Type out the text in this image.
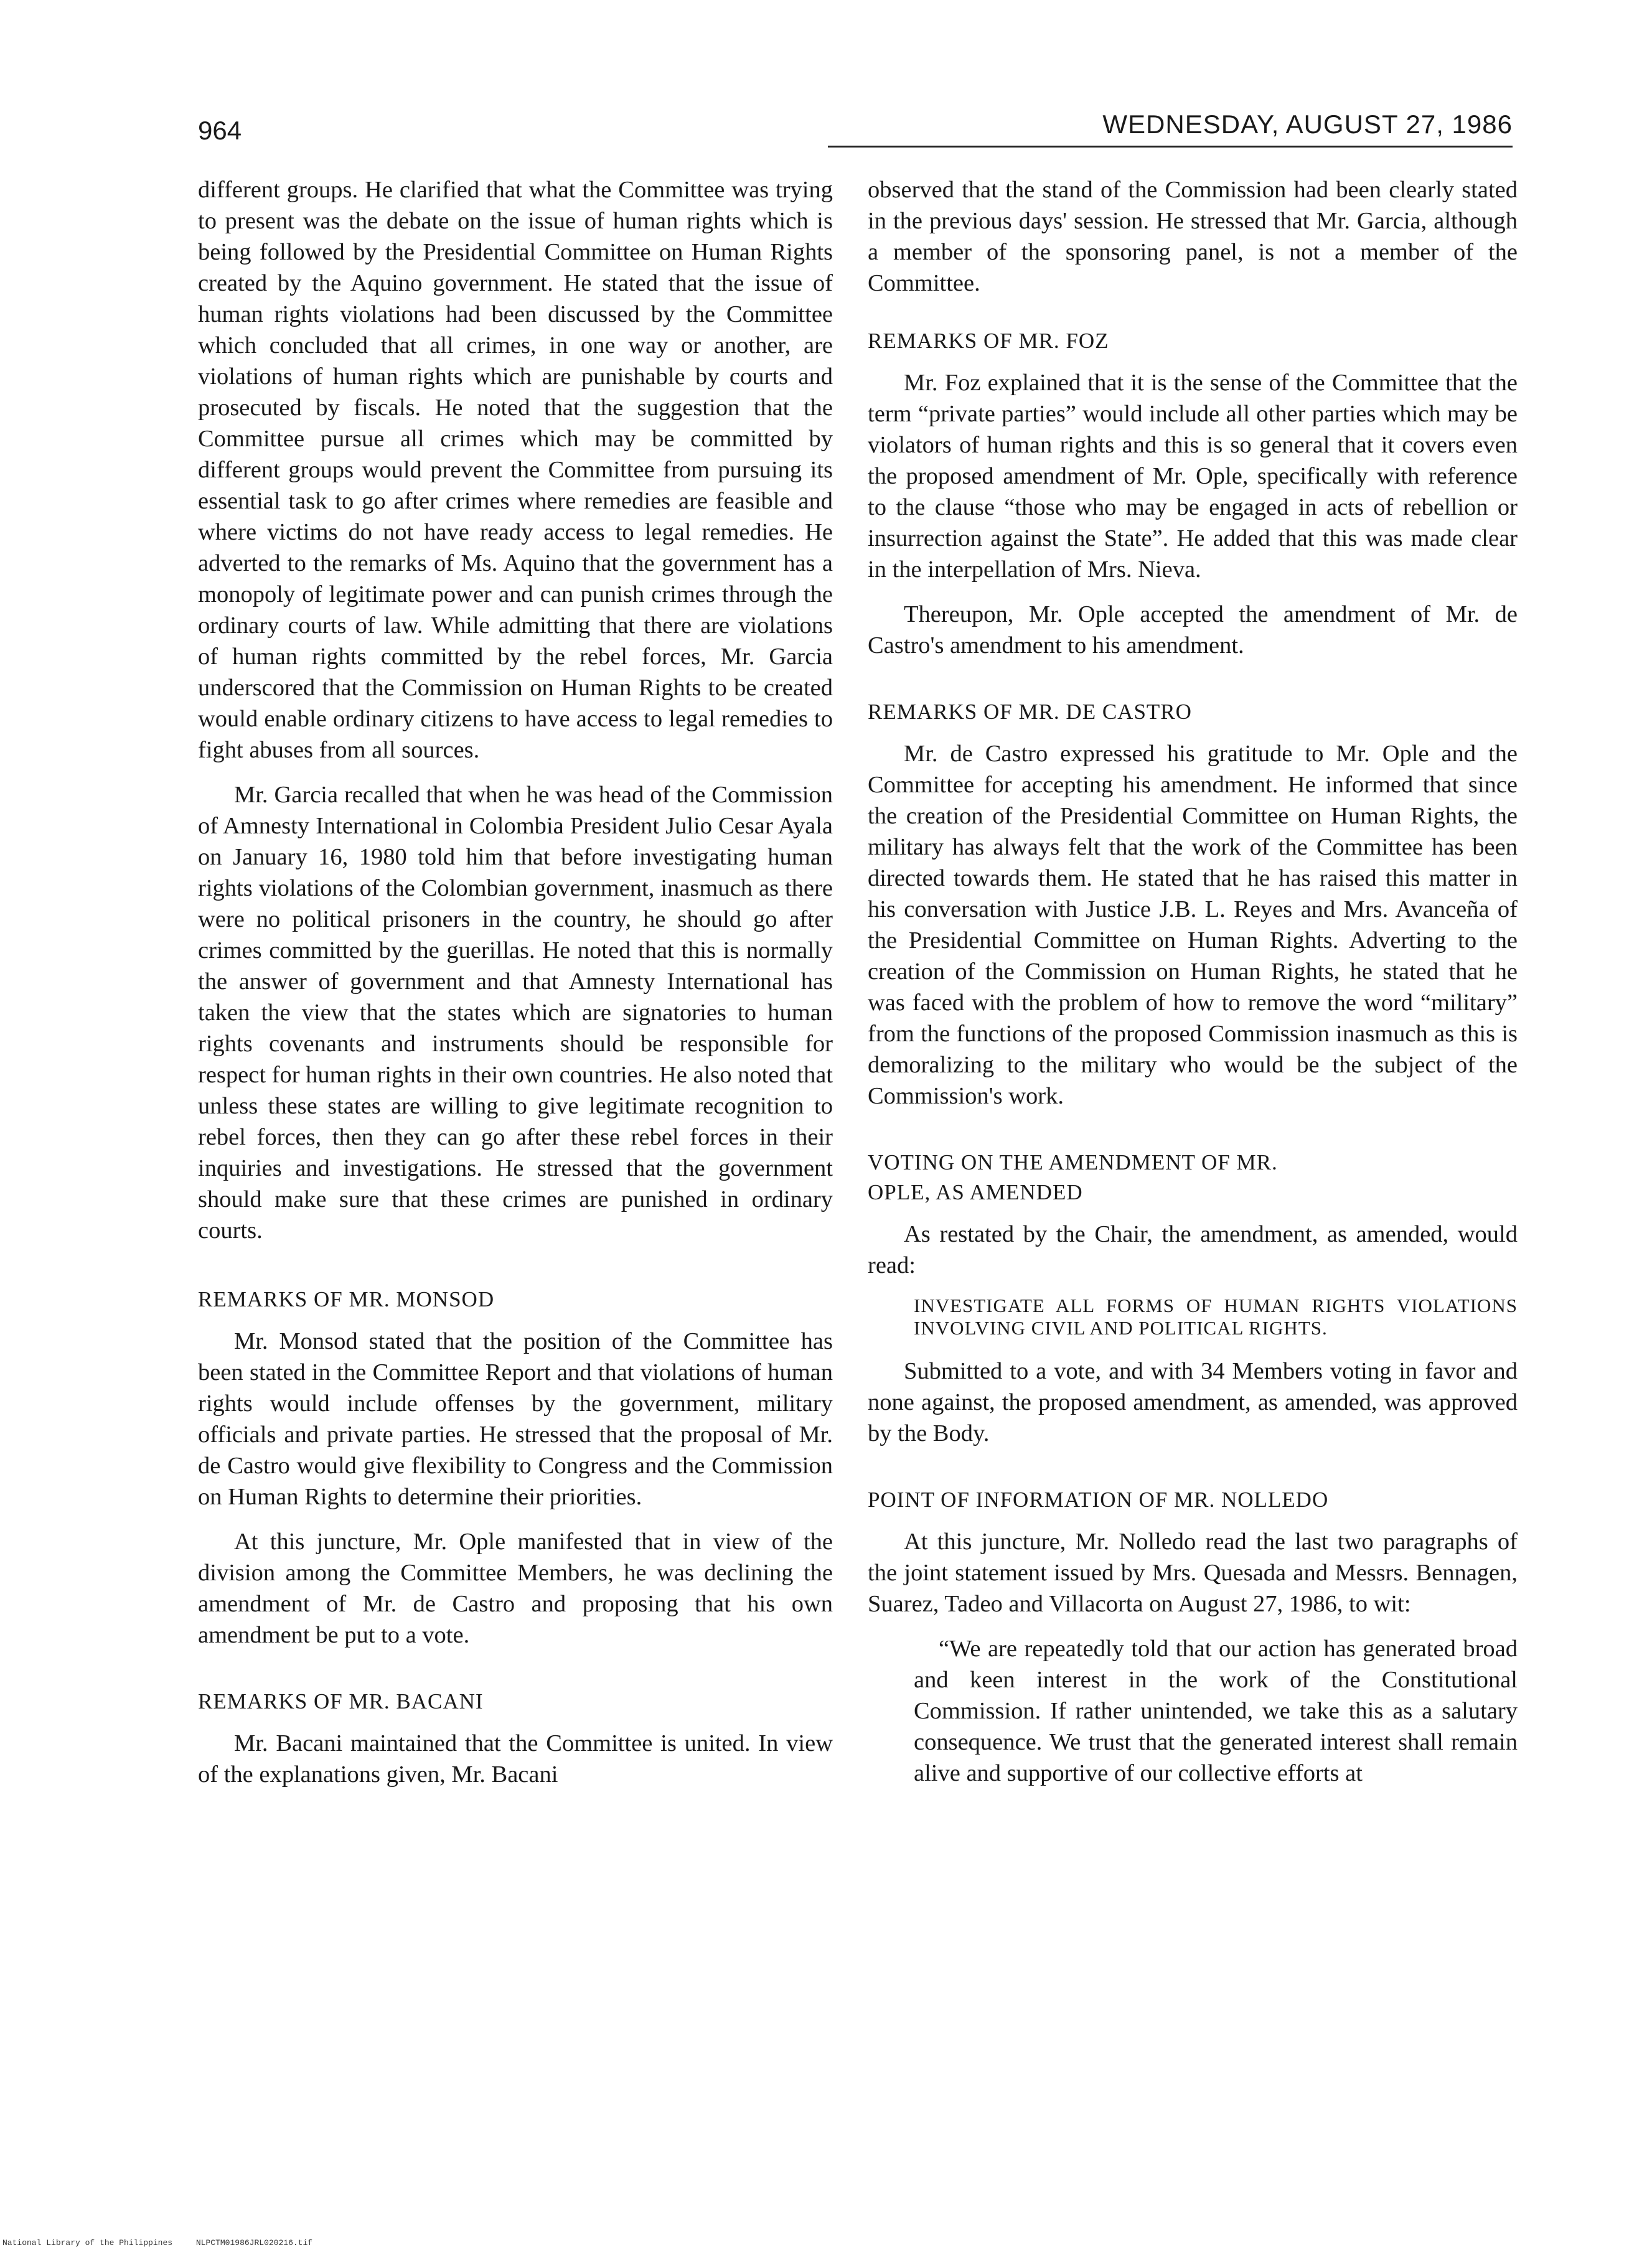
964	WEDNESDAY, AUGUST 27, 1986

different groups. He clarified that what the Committee was trying to present was the debate on the issue of human rights which is being followed by the Presidential Committee on Human Rights created by the Aquino government. He stated that the issue of human rights violations had been discussed by the Committee which concluded that all crimes, in one way or another, are violations of human rights which are punishable by courts and prosecuted by fiscals. He noted that the suggestion that the Committee pursue all crimes which may be committed by different groups would prevent the Committee from pursuing its essential task to go after crimes where remedies are feasible and where victims do not have ready access to legal remedies. He adverted to the remarks of Ms. Aquino that the government has a monopoly of legitimate power and can punish crimes through the ordinary courts of law. While admitting that there are violations of human rights committed by the rebel forces, Mr. Garcia underscored that the Commission on Human Rights to be created would enable ordinary citizens to have access to legal remedies to fight abuses from all sources.

Mr. Garcia recalled that when he was head of the Commission of Amnesty International in Colombia President Julio Cesar Ayala on January 16, 1980 told him that before investigating human rights violations of the Colombian government, inasmuch as there were no political prisoners in the country, he should go after crimes committed by the guerillas. He noted that this is normally the answer of government and that Amnesty International has taken the view that the states which are signatories to human rights covenants and instruments should be responsible for respect for human rights in their own countries. He also noted that unless these states are willing to give legitimate recognition to rebel forces, then they can go after these rebel forces in their inquiries and investigations. He stressed that the government should make sure that these crimes are punished in ordinary courts.

REMARKS OF MR. MONSOD

Mr. Monsod stated that the position of the Committee has been stated in the Committee Report and that violations of human rights would include offenses by the government, military officials and private parties. He stressed that the proposal of Mr. de Castro would give flexibility to Congress and the Commission on Human Rights to determine their priorities.

At this juncture, Mr. Ople manifested that in view of the division among the Committee Members, he was declining the amendment of Mr. de Castro and proposing that his own amendment be put to a vote.

REMARKS OF MR. BACANI

Mr. Bacani maintained that the Committee is united. In view of the explanations given, Mr. Bacani

observed that the stand of the Commission had been clearly stated in the previous days' session. He stressed that Mr. Garcia, although a member of the sponsoring panel, is not a member of the Committee.

REMARKS OF MR. FOZ

Mr. Foz explained that it is the sense of the Committee that the term “private parties” would include all other parties which may be violators of human rights and this is so general that it covers even the proposed amendment of Mr. Ople, specifically with reference to the clause “those who may be engaged in acts of rebellion or insurrection against the State”. He added that this was made clear in the interpellation of Mrs. Nieva.

Thereupon, Mr. Ople accepted the amendment of Mr. de Castro's amendment to his amendment.

REMARKS OF MR. DE CASTRO

Mr. de Castro expressed his gratitude to Mr. Ople and the Committee for accepting his amendment. He informed that since the creation of the Presidential Committee on Human Rights, the military has always felt that the work of the Committee has been directed towards them. He stated that he has raised this matter in his conversation with Justice J.B. L. Reyes and Mrs. Avanceña of the Presidential Committee on Human Rights. Adverting to the creation of the Commission on Human Rights, he stated that he was faced with the problem of how to remove the word “military” from the functions of the proposed Commission inasmuch as this is demoralizing to the military who would be the subject of the Commission's work.

VOTING ON THE AMENDMENT OF MR. OPLE, AS AMENDED

As restated by the Chair, the amendment, as amended, would read:

INVESTIGATE ALL FORMS OF HUMAN RIGHTS VIOLATIONS INVOLVING CIVIL AND POLITICAL RIGHTS.

Submitted to a vote, and with 34 Members voting in favor and none against, the proposed amendment, as amended, was approved by the Body.

POINT OF INFORMATION OF MR. NOLLEDO

At this juncture, Mr. Nolledo read the last two paragraphs of the joint statement issued by Mrs. Quesada and Messrs. Bennagen, Suarez, Tadeo and Villacorta on August 27, 1986, to wit:

“We are repeatedly told that our action has generated broad and keen interest in the work of the Constitutional Commission. If rather unintended, we take this as a salutary consequence. We trust that the generated interest shall remain alive and supportive of our collective efforts at

National Library of the Philippines	NLPCTM01986JRL020216.tif
